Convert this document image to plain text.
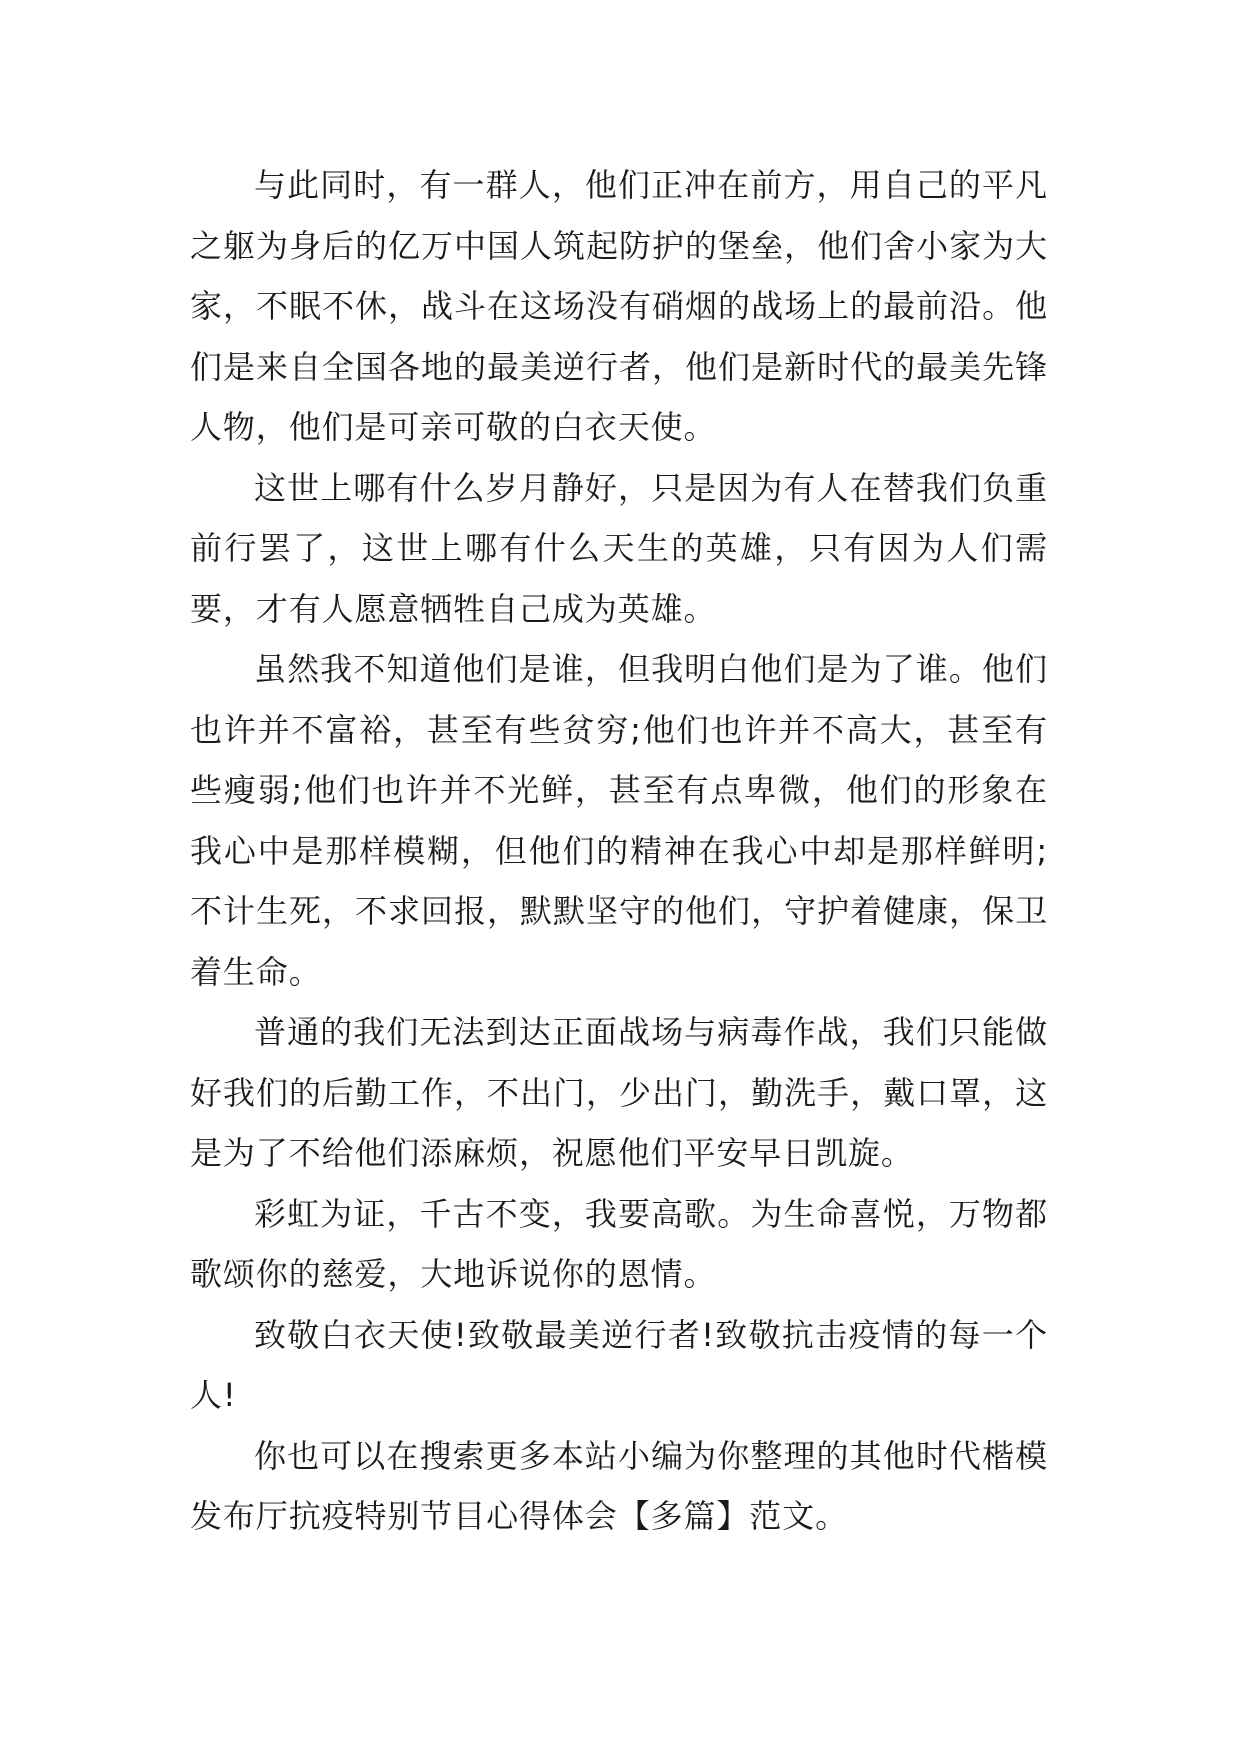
与此同时，有一群人，他们正冲在前方，用自己的平凡之躯为身后的亿万中国人筑起防护的堡垒，他们舍小家为大家，不眠不休，战斗在这场没有硝烟的战场上的最前沿。他们是来自全国各地的最美逆行者，他们是新时代的最美先锋人物，他们是可亲可敬的白衣天使。

这世上哪有什么岁月静好，只是因为有人在替我们负重前行罢了，这世上哪有什么天生的英雄，只有因为人们需要，才有人愿意牺牲自己成为英雄。

虽然我不知道他们是谁，但我明白他们是为了谁。他们也许并不富裕，甚至有些贫穷;他们也许并不高大，甚至有些瘦弱;他们也许并不光鲜，甚至有点卑微，他们的形象在我心中是那样模糊，但他们的精神在我心中却是那样鲜明;不计生死，不求回报，默默坚守的他们，守护着健康，保卫着生命。

普通的我们无法到达正面战场与病毒作战，我们只能做好我们的后勤工作，不出门，少出门，勤洗手，戴口罩，这是为了不给他们添麻烦，祝愿他们平安早日凯旋。

彩虹为证，千古不变，我要高歌。为生命喜悦，万物都歌颂你的慈爱，大地诉说你的恩情。

致敬白衣天使!致敬最美逆行者!致敬抗击疫情的每一个人!

你也可以在搜索更多本站小编为你整理的其他时代楷模发布厅抗疫特别节目心得体会【多篇】范文。
